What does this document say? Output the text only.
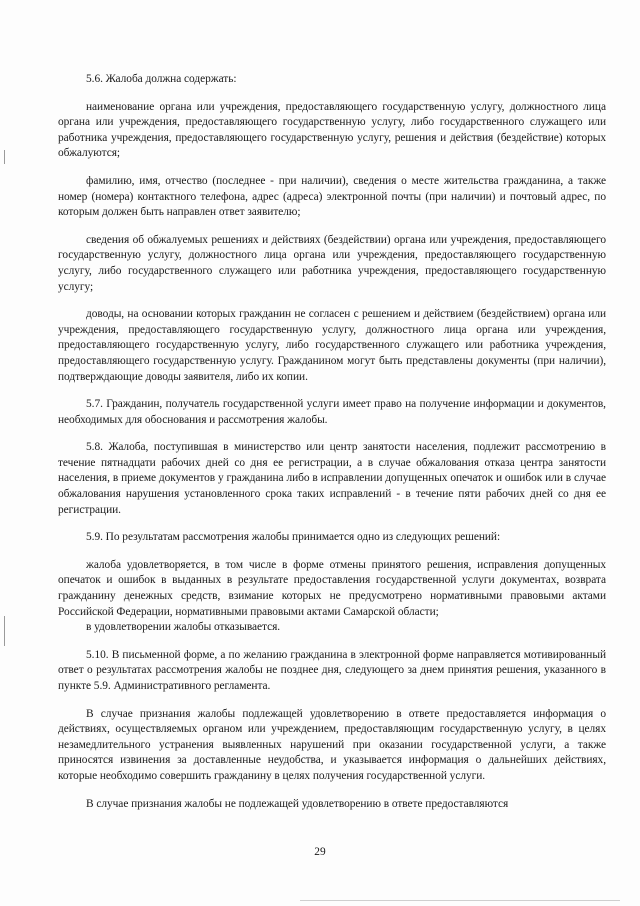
5.6. Жалоба должна содержать:

наименование органа или учреждения, предоставляющего государственную услугу, должностного лица органа или учреждения, предоставляющего государственную услугу, либо государственного служащего или работника учреждения, предоставляющего государственную услугу, решения и действия (бездействие) которых обжалуются;

фамилию, имя, отчество (последнее - при наличии), сведения о месте жительства гражданина, а также номер (номера) контактного телефона, адрес (адреса) электронной почты (при наличии) и почтовый адрес, по которым должен быть направлен ответ заявителю;

сведения об обжалуемых решениях и действиях (бездействии) органа или учреждения, предоставляющего государственную услугу, должностного лица органа или учреждения, предоставляющего государственную услугу, либо государственного служащего или работника учреждения, предоставляющего государственную услугу;

доводы, на основании которых гражданин не согласен с решением и действием (бездействием) органа или учреждения, предоставляющего государственную услугу, должностного лица органа или учреждения, предоставляющего государственную услугу, либо государственного служащего или работника учреждения, предоставляющего государственную услугу. Гражданином могут быть представлены документы (при наличии), подтверждающие доводы заявителя, либо их копии.

5.7. Гражданин, получатель государственной услуги имеет право на получение информации и документов, необходимых для обоснования и рассмотрения жалобы.

5.8. Жалоба, поступившая в министерство или центр занятости населения, подлежит рассмотрению в течение пятнадцати рабочих дней со дня ее регистрации, а в случае обжалования отказа центра занятости населения, в приеме документов у гражданина либо в исправлении допущенных опечаток и ошибок или в случае обжалования нарушения установленного срока таких исправлений - в течение пяти рабочих дней со дня ее регистрации.

5.9. По результатам рассмотрения жалобы принимается одно из следующих решений:

жалоба удовлетворяется, в том числе в форме отмены принятого решения, исправления допущенных опечаток и ошибок в выданных в результате предоставления государственной услуги документах, возврата гражданину денежных средств, взимание которых не предусмотрено нормативными правовыми актами Российской Федерации, нормативными правовыми актами Самарской области;

в удовлетворении жалобы отказывается.

5.10. В письменной форме, а по желанию гражданина в электронной форме направляется мотивированный ответ о результатах рассмотрения жалобы не позднее дня, следующего за днем принятия решения, указанного в пункте 5.9. Административного регламента.

В случае признания жалобы подлежащей удовлетворению в ответе предоставляется информация о действиях, осуществляемых органом или учреждением, предоставляющим государственную услугу, в целях незамедлительного устранения выявленных нарушений при оказании государственной услуги, а также приносятся извинения за доставленные неудобства, и указывается информация о дальнейших действиях, которые необходимо совершить гражданину в целях получения государственной услуги.

В случае признания жалобы не подлежащей удовлетворению в ответе предоставляются

29
